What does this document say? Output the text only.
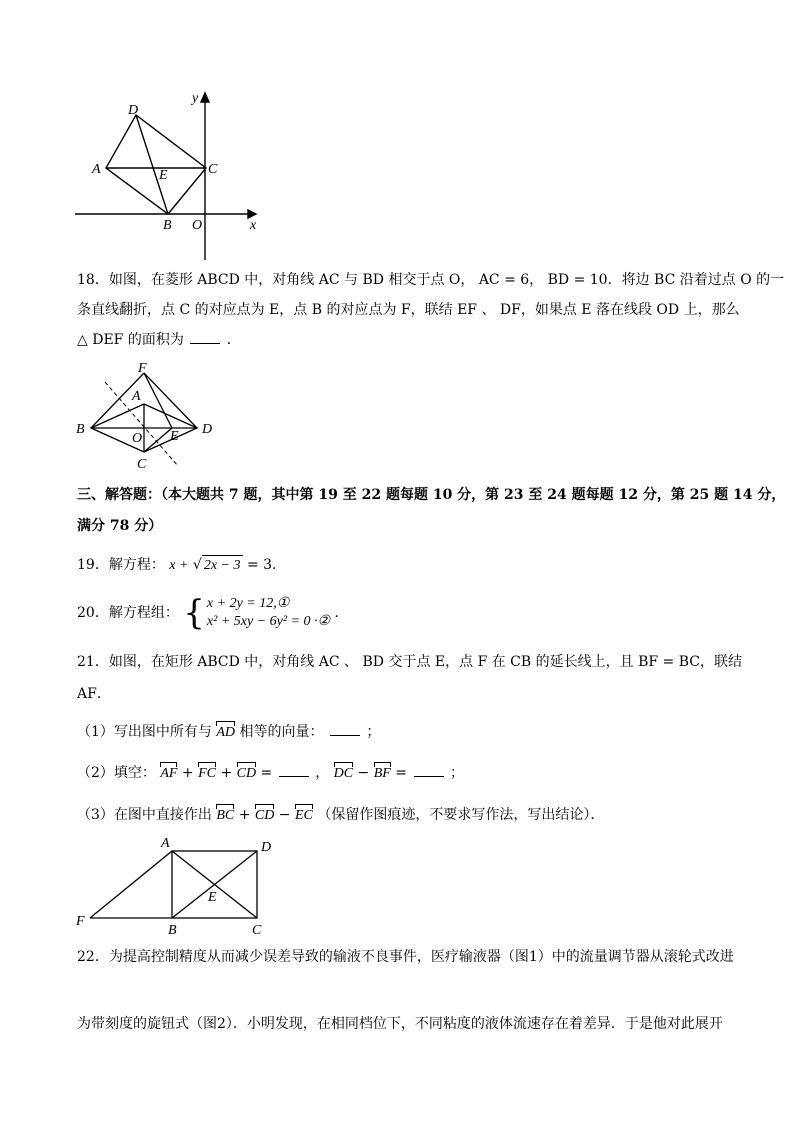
D
A	E	C
B O	x
y
18．如图，在菱形 ABCD 中，对角线 AC 与 BD 相交于点 O， AC = 6， BD = 10．将边 BC 沿着过点 O 的一
条直线翻折，点 C 的对应点为 E，点 B 的对应点为 F，联结 EF 、 DF，如果点 E 落在线段 OD 上，那么
△ DEF 的面积为	．
F
A
B
O E D
C
三、解答题：（本大题共 7 题，其中第 19 至 22 题每题 10 分，第 23 至 24 题每题 12 分，第 25 题 14 分，
满分 78 分）
19．解方程： x + √ 2x − 3 = 3．
20．解方程组： { x + 2y = 12,①
x² + 5xy − 6y² = 0 ·②
．
21．如图，在矩形 ABCD 中，对角线 AC 、 BD 交于点 E，点 F 在 CB 的延长线上，且 BF = BC，联结
AF．
（1）写出图中所有与 AD 相等的向量：	；
（2）填空： AF + FC + CD =	， DC − BF =	；
（3）在图中直接作出 BC + CD − EC （保留作图痕迹，不要求写作法，写出结论）．
A	D
E
F
B	C
22．为提高控制精度从而减少误差导致的输液不良事件，医疗输液器（图1）中的流量调节器从滚轮式改进
为带刻度的旋钮式（图2）．小明发现，在相同档位下，不同粘度的液体流速存在着差异．于是他对此展开
